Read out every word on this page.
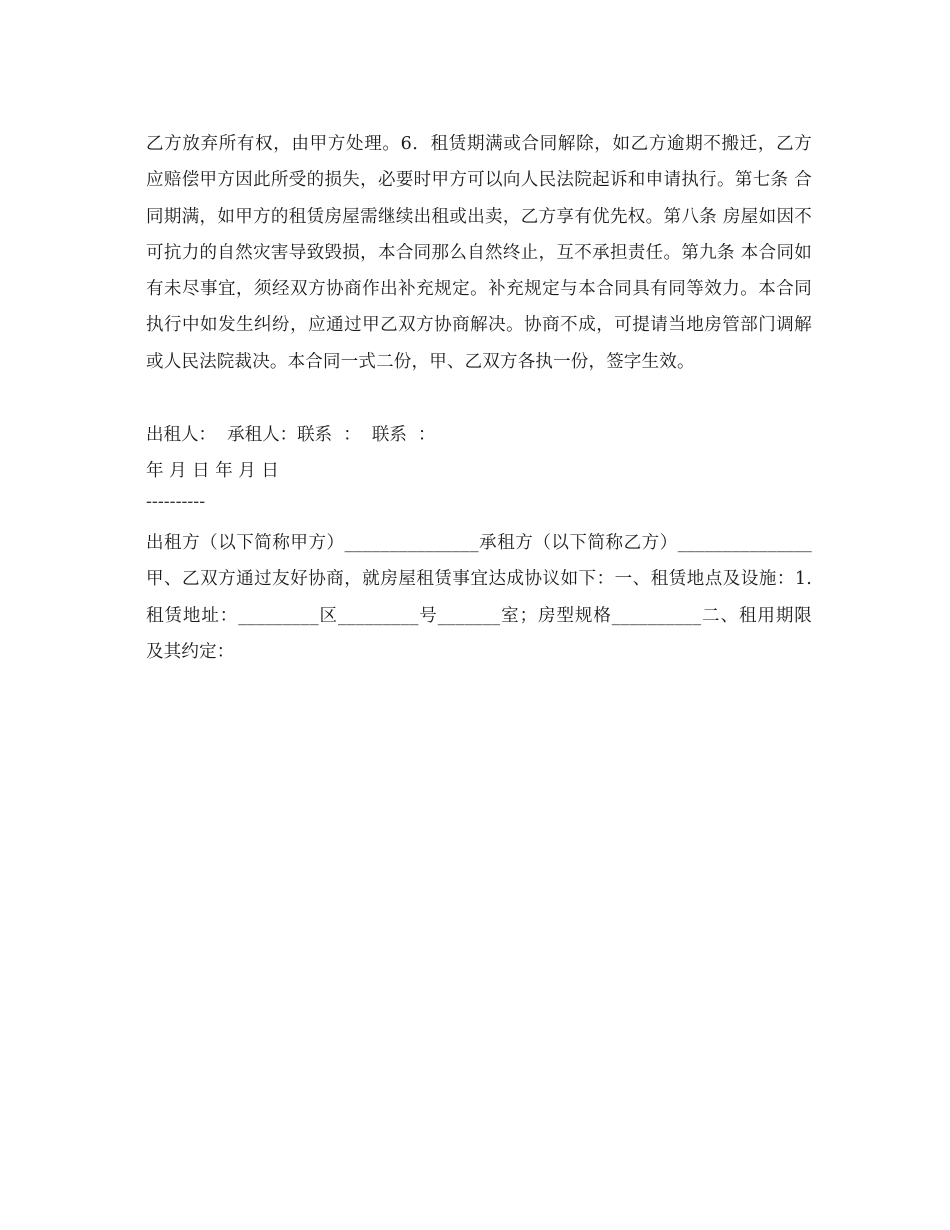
乙方放弃所有权，由甲方处理。6．租赁期满或合同解除，如乙方逾期不搬迁，乙方应赔偿甲方因此所受的损失，必要时甲方可以向人民法院起诉和申请执行。第七条 合同期满，如甲方的租赁房屋需继续出租或出卖，乙方享有优先权。第八条 房屋如因不可抗力的自然灾害导致毁损，本合同那么自然终止，互不承担责任。第九条 本合同如有未尽事宜，须经双方协商作出补充规定。补充规定与本合同具有同等效力。本合同执行中如发生纠纷，应通过甲乙双方协商解决。协商不成，可提请当地房管部门调解或人民法院裁决。本合同一式二份，甲、乙双方各执一份，签字生效。
出租人：  承租人：联系  ：  联系  ：
年 月 日 年 月 日
----------
出租方（以下简称甲方）_______________承租方（以下简称乙方）_______________甲、乙双方通过友好协商，就房屋租赁事宜达成协议如下：一、租赁地点及设施：1.租赁地址：_________区_________号_______室；房型规格__________二、租用期限及其约定：
